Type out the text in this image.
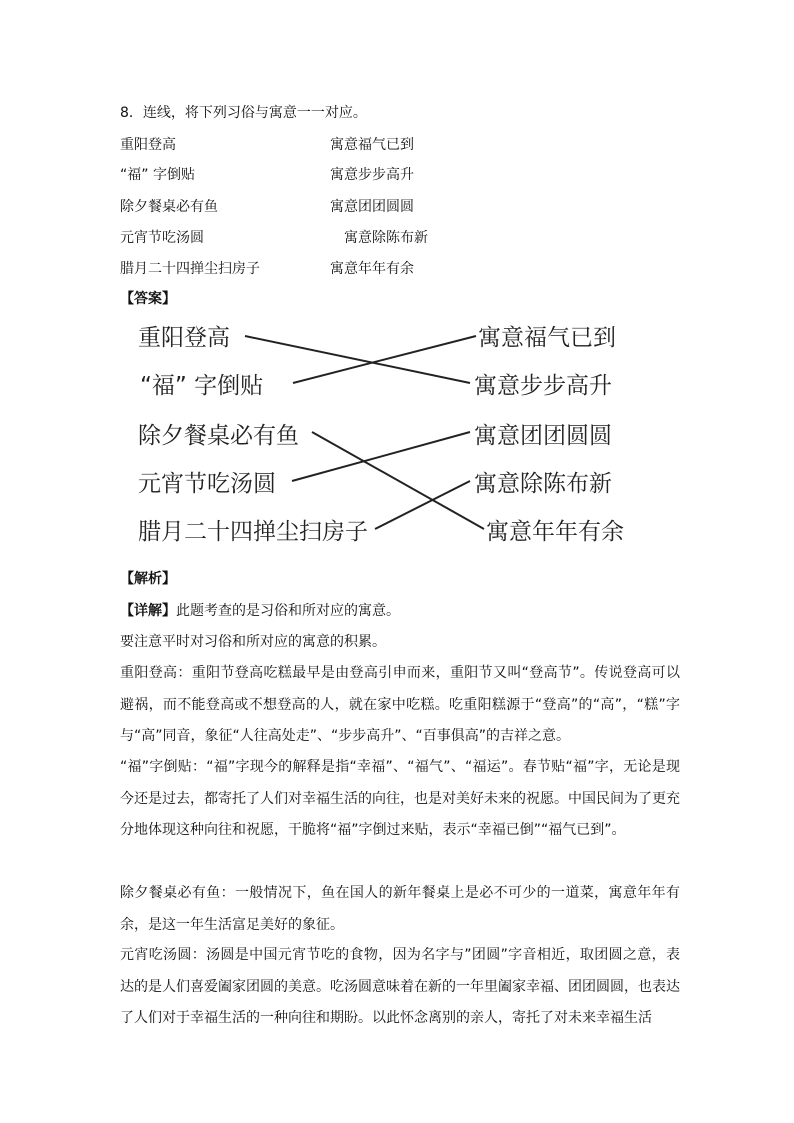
8．连线，将下列习俗与寓意一一对应。
重阳登高
“福” 字倒贴
除夕餐桌必有鱼
元宵节吃汤圆
腊月二十四掸尘扫房子
寓意福气已到
寓意步步高升
寓意团团圆圆
寓意除陈布新
寓意年年有余
【答案】
重阳登高
“福” 字倒贴
除夕餐桌必有鱼
元宵节吃汤圆
腊月二十四掸尘扫房子
寓意福气已到
寓意步步高升
寓意团团圆圆
寓意除陈布新
寓意年年有余
【解析】
【详解】此题考查的是习俗和所对应的寓意。
要注意平时对习俗和所对应的寓意的积累。
重阳登高：重阳节登高吃糕最早是由登高引申而来，重阳节又叫“登高节”。传说登高可以避祸，而不能登高或不想登高的人，就在家中吃糕。吃重阳糕源于“登高”的“高”，“糕”字与“高”同音，象征“人往高处走”、“步步高升”、“百事俱高”的吉祥之意。
“福”字倒贴：“福”字现今的解释是指“幸福”、“福气”、“福运”。春节贴“福”字，无论是现今还是过去，都寄托了人们对幸福生活的向往，也是对美好未来的祝愿。中国民间为了更充分地体现这种向往和祝愿，干脆将“福”字倒过来贴，表示“幸福已倒”“福气已到”。
除夕餐桌必有鱼：一般情况下，鱼在国人的新年餐桌上是必不可少的一道菜，寓意年年有余，是这一年生活富足美好的象征。
元宵吃汤圆：汤圆是中国元宵节吃的食物，因为名字与”团圆”字音相近，取团圆之意，表达的是人们喜爱阖家团圆的美意。吃汤圆意味着在新的一年里阖家幸福、团团圆圆，也表达了人们对于幸福生活的一种向往和期盼。以此怀念离别的亲人，寄托了对未来幸福生活
